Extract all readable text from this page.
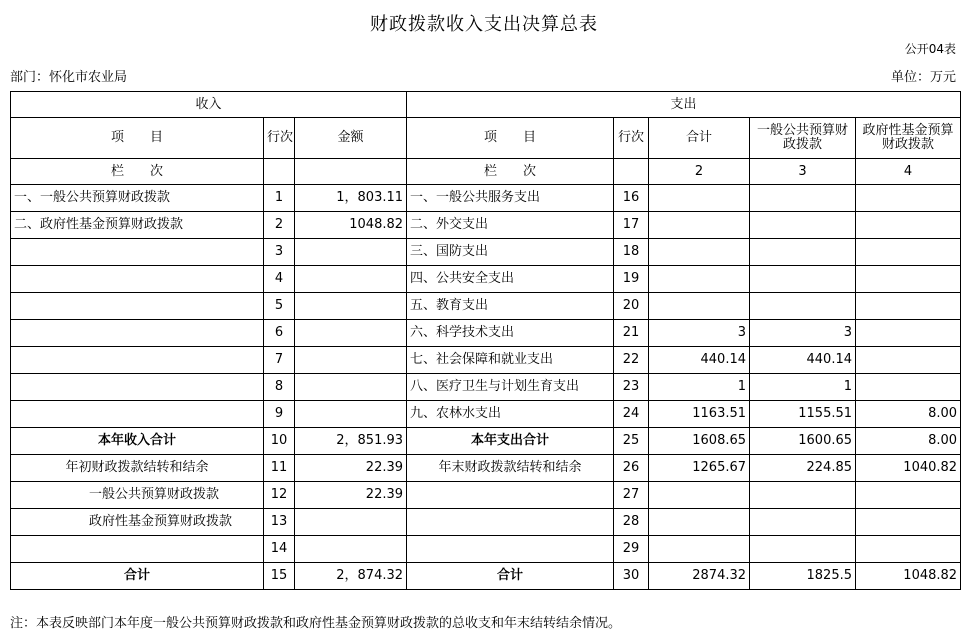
财政拨款收入支出决算总表
公开04表
部门：怀化市农业局	单位：万元
收入			支出				
项　　目	行次	金额	项　　目	行次	合计	一般公共预算财政拨款	政府性基金预算财政拨款
栏　　次			栏　　次		2	3	4
一、一般公共预算财政拨款	1	1，803.11	一、一般公共服务支出	16			
二、政府性基金预算财政拨款	2	1048.82	二、外交支出	17			
	3		三、国防支出	18			
	4		四、公共安全支出	19			
	5		五、教育支出	20			
	6		六、科学技术支出	21	3	3	
	7		七、社会保障和就业支出	22	440.14	440.14	
	8		八、医疗卫生与计划生育支出	23	1	1	
	9		九、农林水支出	24	1163.51	1155.51	8.00
本年收入合计	10	2，851.93	本年支出合计	25	1608.65	1600.65	8.00
年初财政拨款结转和结余	11	22.39	年末财政拨款结转和结余	26	1265.67	224.85	1040.82
一般公共预算财政拨款	12	22.39		27			
政府性基金预算财政拨款	13			28			
	14			29			
合计	15	2，874.32	合计	30	2874.32	1825.5	1048.82
注：本表反映部门本年度一般公共预算财政拨款和政府性基金预算财政拨款的总收支和年末结转结余情况。
